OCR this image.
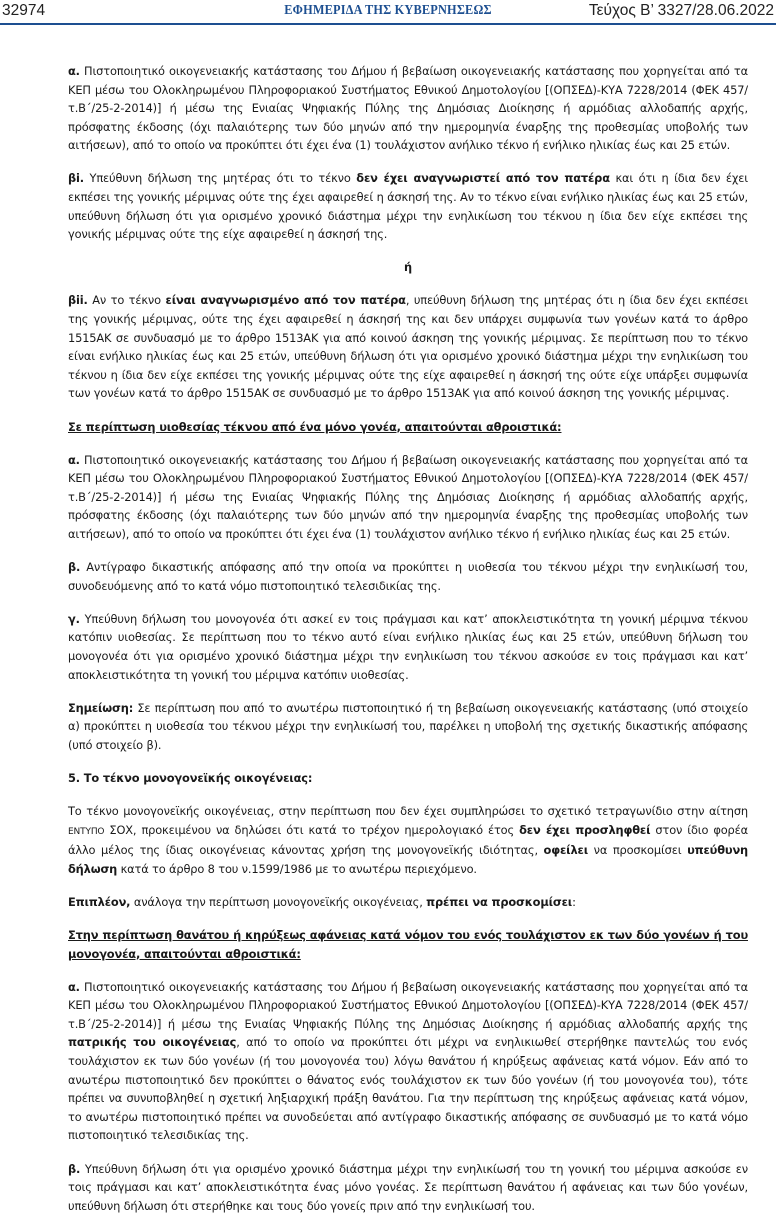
32974	ΕΦΗΜΕΡΙΔΑ ΤΗΣ ΚΥΒΕΡΝΗΣΕΩΣ	Τεύχος Β’ 3327/28.06.2022

α. Πιστοποιητικό οικογενειακής κατάστασης του Δήμου ή βεβαίωση οικογενειακής κατάστασης που χορηγείται από τα ΚΕΠ μέσω του Ολοκληρωμένου Πληροφοριακού Συστήματος Εθνικού Δημοτολογίου [(ΟΠΣΕΔ)-ΚΥΑ 7228/2014 (ΦΕΚ 457/τ.Β΄/25-2-2014)] ή μέσω της Ενιαίας Ψηφιακής Πύλης της Δημόσιας Διοίκησης ή αρμόδιας αλλοδαπής αρχής, πρόσφατης έκδοσης (όχι παλαιότερης των δύο μηνών από την ημερομηνία έναρξης της προθεσμίας υποβολής των αιτήσεων), από το οποίο να προκύπτει ότι έχει ένα (1) τουλάχιστον ανήλικο τέκνο ή ενήλικο ηλικίας έως και 25 ετών.

βi. Υπεύθυνη δήλωση της μητέρας ότι το τέκνο δεν έχει αναγνωριστεί από τον πατέρα και ότι η ίδια δεν έχει εκπέσει της γονικής μέριμνας ούτε της έχει αφαιρεθεί η άσκησή της. Αν το τέκνο είναι ενήλικο ηλικίας έως και 25 ετών, υπεύθυνη δήλωση ότι για ορισμένο χρονικό διάστημα μέχρι την ενηλικίωση του τέκνου η ίδια δεν είχε εκπέσει της γονικής μέριμνας ούτε της είχε αφαιρεθεί η άσκησή της.

ή

βii. Αν το τέκνο είναι αναγνωρισμένο από τον πατέρα, υπεύθυνη δήλωση της μητέρας ότι η ίδια δεν έχει εκπέσει της γονικής μέριμνας, ούτε της έχει αφαιρεθεί η άσκησή της και δεν υπάρχει συμφωνία των γονέων κατά το άρθρο 1515ΑΚ σε συνδυασμό με το άρθρο 1513ΑΚ για από κοινού άσκηση της γονικής μέριμνας. Σε περίπτωση που το τέκνο είναι ενήλικο ηλικίας έως και 25 ετών, υπεύθυνη δήλωση ότι για ορισμένο χρονικό διάστημα μέχρι την ενηλικίωση του τέκνου η ίδια δεν είχε εκπέσει της γονικής μέριμνας ούτε της είχε αφαιρεθεί η άσκησή της ούτε είχε υπάρξει συμφωνία των γονέων κατά το άρθρο 1515ΑΚ σε συνδυασμό με το άρθρο 1513ΑΚ για από κοινού άσκηση της γονικής μέριμνας.

Σε περίπτωση υιοθεσίας τέκνου από ένα μόνο γονέα, απαιτούνται αθροιστικά:

α. Πιστοποιητικό οικογενειακής κατάστασης του Δήμου ή βεβαίωση οικογενειακής κατάστασης που χορηγείται από τα ΚΕΠ μέσω του Ολοκληρωμένου Πληροφοριακού Συστήματος Εθνικού Δημοτολογίου [(ΟΠΣΕΔ)-ΚΥΑ 7228/2014 (ΦΕΚ 457/τ.Β΄/25-2-2014)] ή μέσω της Ενιαίας Ψηφιακής Πύλης της Δημόσιας Διοίκησης ή αρμόδιας αλλοδαπής αρχής, πρόσφατης έκδοσης (όχι παλαιότερης των δύο μηνών από την ημερομηνία έναρξης της προθεσμίας υποβολής των αιτήσεων), από το οποίο να προκύπτει ότι έχει ένα (1) τουλάχιστον ανήλικο τέκνο ή ενήλικο ηλικίας έως και 25 ετών.

β. Αντίγραφο δικαστικής απόφασης από την οποία να προκύπτει η υιοθεσία του τέκνου μέχρι την ενηλικίωσή του, συνοδευόμενης από το κατά νόμο πιστοποιητικό τελεσιδικίας της.

γ. Υπεύθυνη δήλωση του μονογονέα ότι ασκεί εν τοις πράγμασι και κατ’ αποκλειστικότητα τη γονική μέριμνα τέκνου κατόπιν υιοθεσίας. Σε περίπτωση που το τέκνο αυτό είναι ενήλικο ηλικίας έως και 25 ετών, υπεύθυνη δήλωση του μονογονέα ότι για ορισμένο χρονικό διάστημα μέχρι την ενηλικίωση του τέκνου ασκούσε εν τοις πράγμασι και κατ’ αποκλειστικότητα τη γονική του μέριμνα κατόπιν υιοθεσίας.

Σημείωση: Σε περίπτωση που από το ανωτέρω πιστοποιητικό ή τη βεβαίωση οικογενειακής κατάστασης (υπό στοιχείο α) προκύπτει η υιοθεσία του τέκνου μέχρι την ενηλικίωσή του, παρέλκει η υποβολή της σχετικής δικαστικής απόφασης (υπό στοιχείο β).

5. Το τέκνο μονογονεϊκής οικογένειας:

Το τέκνο μονογονεϊκής οικογένειας, στην περίπτωση που δεν έχει συμπληρώσει το σχετικό τετραγωνίδιο στην αίτηση ΕΝΤΥΠΟ ΣΟΧ, προκειμένου να δηλώσει ότι κατά το τρέχον ημερολογιακό έτος δεν έχει προσληφθεί στον ίδιο φορέα άλλο μέλος της ίδιας οικογένειας κάνοντας χρήση της μονογονεϊκής ιδιότητας, οφείλει να προσκομίσει υπεύθυνη δήλωση κατά το άρθρο 8 του ν.1599/1986 με το ανωτέρω περιεχόμενο.

Επιπλέον, ανάλογα την περίπτωση μονογονεϊκής οικογένειας, πρέπει να προσκομίσει:

Στην περίπτωση θανάτου ή κηρύξεως αφάνειας κατά νόμον του ενός τουλάχιστον εκ των δύο γονέων ή του μονογονέα, απαιτούνται αθροιστικά:

α. Πιστοποιητικό οικογενειακής κατάστασης του Δήμου ή βεβαίωση οικογενειακής κατάστασης που χορηγείται από τα ΚΕΠ μέσω του Ολοκληρωμένου Πληροφοριακού Συστήματος Εθνικού Δημοτολογίου [(ΟΠΣΕΔ)-ΚΥΑ 7228/2014 (ΦΕΚ 457/τ.Β΄/25-2-2014)] ή μέσω της Ενιαίας Ψηφιακής Πύλης της Δημόσιας Διοίκησης ή αρμόδιας αλλοδαπής αρχής της πατρικής του οικογένειας, από το οποίο να προκύπτει ότι μέχρι να ενηλικιωθεί στερήθηκε παντελώς του ενός τουλάχιστον εκ των δύο γονέων (ή του μονογονέα του) λόγω θανάτου ή κηρύξεως αφάνειας κατά νόμον. Εάν από το ανωτέρω πιστοποιητικό δεν προκύπτει ο θάνατος ενός τουλάχιστον εκ των δύο γονέων (ή του μονογονέα του), τότε πρέπει να συνυποβληθεί η σχετική ληξιαρχική πράξη θανάτου. Για την περίπτωση της κηρύξεως αφάνειας κατά νόμον, το ανωτέρω πιστοποιητικό πρέπει να συνοδεύεται από αντίγραφο δικαστικής απόφασης σε συνδυασμό με το κατά νόμο πιστοποιητικό τελεσιδικίας της.

β. Υπεύθυνη δήλωση ότι για ορισμένο χρονικό διάστημα μέχρι την ενηλικίωσή του τη γονική του μέριμνα ασκούσε εν τοις πράγμασι και κατ’ αποκλειστικότητα ένας μόνο γονέας. Σε περίπτωση θανάτου ή αφάνειας και των δύο γονέων, υπεύθυνη δήλωση ότι στερήθηκε και τους δύο γονείς πριν από την ενηλικίωσή του.
